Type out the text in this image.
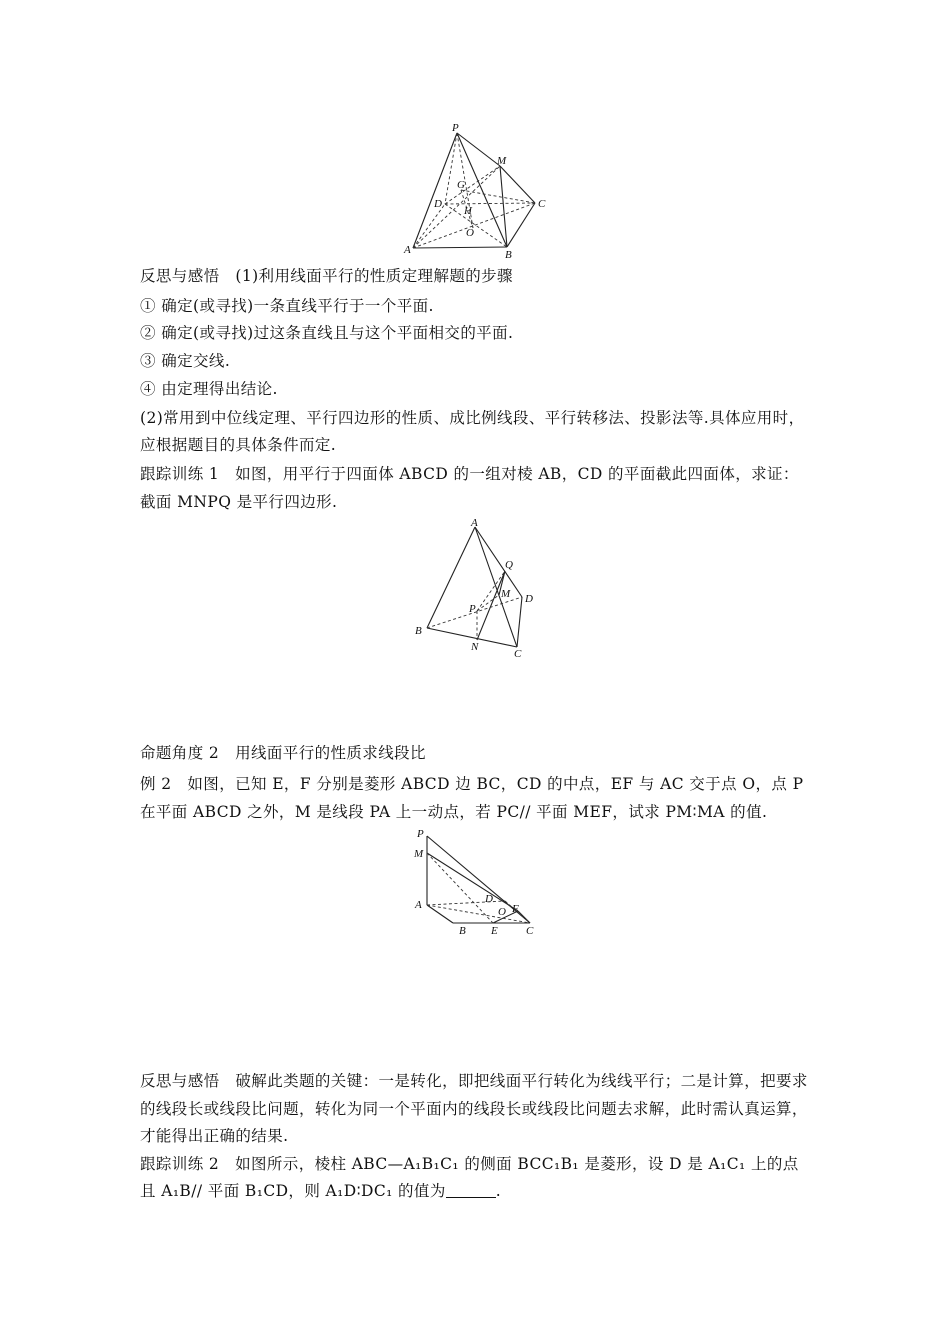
P
M
G
D
H
C
O
A	B
反思与感悟　(1)利用线面平行的性质定理解题的步骤
① 确定(或寻找)一条直线平行于一个平面.
② 确定(或寻找)过这条直线且与这个平面相交的平面.
③ 确定交线.
④ 由定理得出结论.
(2)常用到中位线定理、平行四边形的性质、成比例线段、平行转移法、投影法等.具体应用时，应根据题目的具体条件而定.
跟踪训练 1　如图，用平行于四面体 ABCD 的一组对棱 AB，CD 的平面截此四面体，求证：截面 MNPQ 是平行四边形.
A
Q
M D
P
B
N
C
命题角度 2　用线面平行的性质求线段比
例 2　如图，已知 E，F 分别是菱形 ABCD 边 BC，CD 的中点，EF 与 AC 交于点 O，点 P 在平面 ABCD 之外，M 是线段 PA 上一动点，若 PC// 平面 MEF，试求 PM∶MA 的值.
P
M
A	D
O F
B E	C
反思与感悟　破解此类题的关键：一是转化，即把线面平行转化为线线平行；二是计算，把要求的线段长或线段比问题，转化为同一个平面内的线段长或线段比问题去求解，此时需认真运算，才能得出正确的结果.
跟踪训练 2　如图所示，棱柱 ABC—A₁B₁C₁ 的侧面 BCC₁B₁ 是菱形，设 D 是 A₁C₁ 上的点且 A₁B// 平面 B₁CD，则 A₁D∶DC₁ 的值为	.
